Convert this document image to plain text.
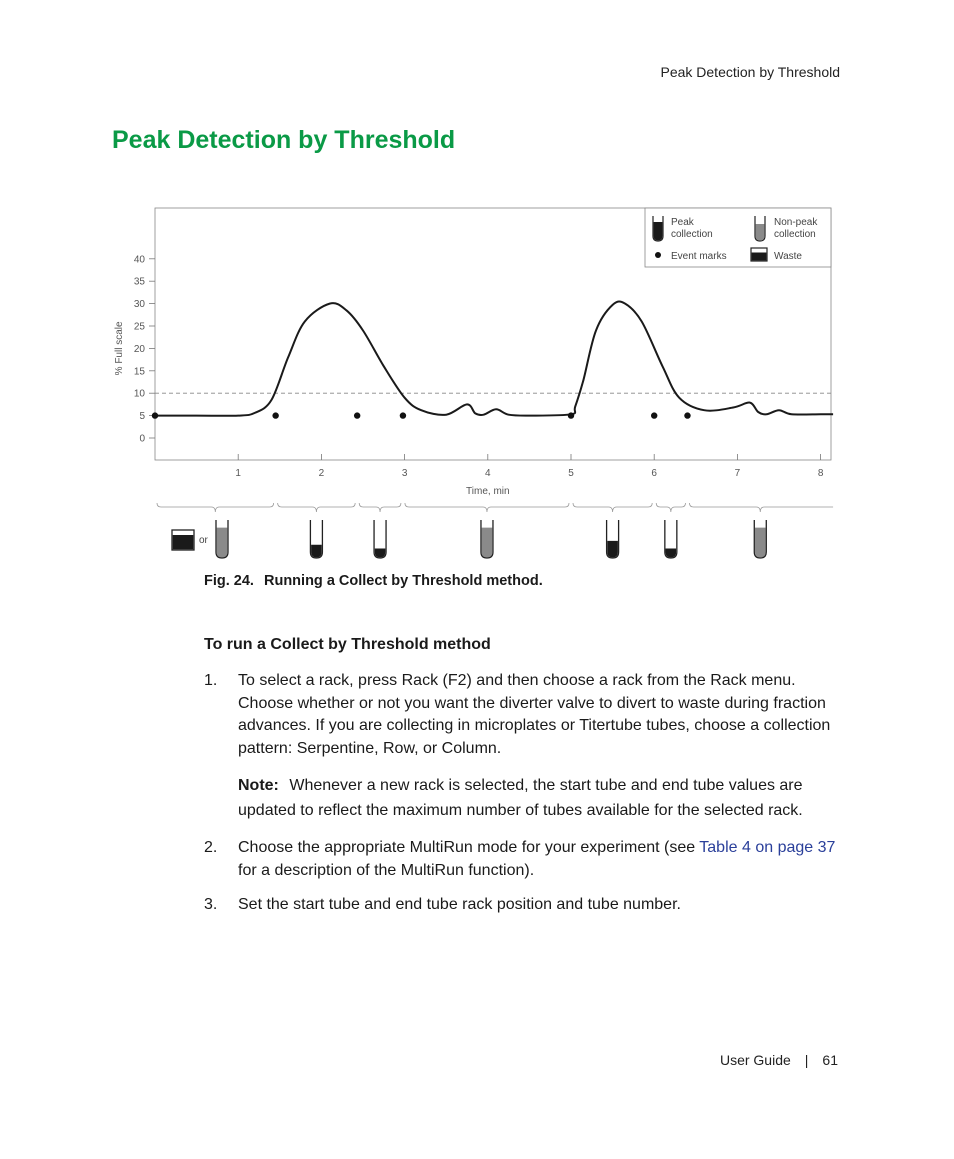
Peak Detection by Threshold
Peak Detection by Threshold
Peak collection
Non-peak collection
Event marks	Waste
0
5
10
15
20
25
30
35
40
1	2	3	4	5	6	7	8
Time, min
% Full scale
or
Fig. 24. Running a Collect by Threshold method.
To run a Collect by Threshold method
1.	To select a rack, press Rack (F2) and then choose a rack from the Rack menu. Choose whether or not you want the diverter valve to divert to waste during fraction advances. If you are collecting in microplates or Titertube tubes, choose a collection pattern: Serpentine, Row, or Column.
Note: Whenever a new rack is selected, the start tube and end tube values are updated to reflect the maximum number of tubes available for the selected rack.
2.	Choose the appropriate MultiRun mode for your experiment (see Table 4 on page 37 for a description of the MultiRun function).
3.	Set the start tube and end tube rack position and tube number.
User Guide | 61
